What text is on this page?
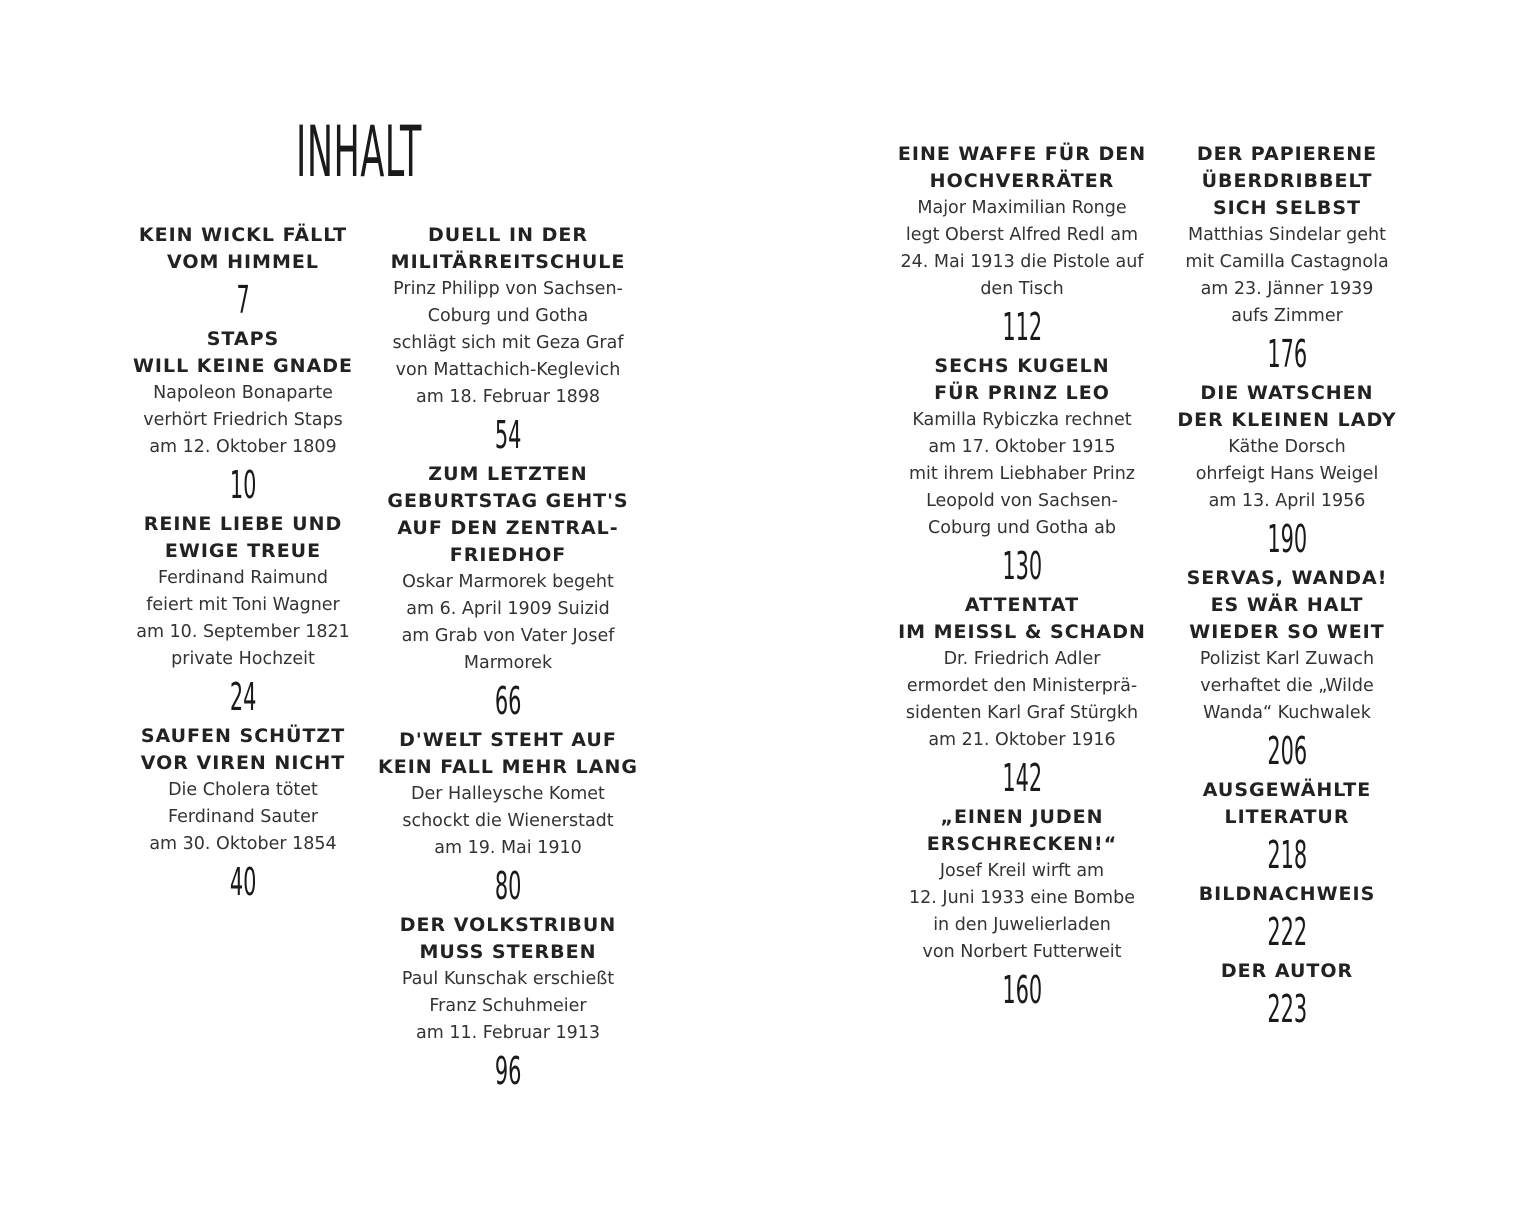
INHALT
KEIN WICKL FÄLLT
VOM HIMMEL
7
STAPS
WILL KEINE GNADE
Napoleon Bonaparte
verhört Friedrich Staps
am 12. Oktober 1809
10
REINE LIEBE UND
EWIGE TREUE
Ferdinand Raimund
feiert mit Toni Wagner
am 10. September 1821
private Hochzeit
24
SAUFEN SCHÜTZT
VOR VIREN NICHT
Die Cholera tötet
Ferdinand Sauter
am 30. Oktober 1854
40
DUELL IN DER
MILITÄRREITSCHULE
Prinz Philipp von Sachsen-
Coburg und Gotha
schlägt sich mit Geza Graf
von Mattachich-Keglevich
am 18. Februar 1898
54
ZUM LETZTEN
GEBURTSTAG GEHT'S
AUF DEN ZENTRAL-
FRIEDHOF
Oskar Marmorek begeht
am 6. April 1909 Suizid
am Grab von Vater Josef
Marmorek
66
D'WELT STEHT AUF
KEIN FALL MEHR LANG
Der Halleysche Komet
schockt die Wienerstadt
am 19. Mai 1910
80
DER VOLKSTRIBUN
MUSS STERBEN
Paul Kunschak erschießt
Franz Schuhmeier
am 11. Februar 1913
96
EINE WAFFE FÜR DEN
HOCHVERRÄTER
Major Maximilian Ronge
legt Oberst Alfred Redl am
24. Mai 1913 die Pistole auf
den Tisch
112
SECHS KUGELN
FÜR PRINZ LEO
Kamilla Rybiczka rechnet
am 17. Oktober 1915
mit ihrem Liebhaber Prinz
Leopold von Sachsen-
Coburg und Gotha ab
130
ATTENTAT
IM MEISSL & SCHADN
Dr. Friedrich Adler
ermordet den Ministerprä-
sidenten Karl Graf Stürgkh
am 21. Oktober 1916
142
„EINEN JUDEN
ERSCHRECKEN!“
Josef Kreil wirft am
12. Juni 1933 eine Bombe
in den Juwelierladen
von Norbert Futterweit
160
DER PAPIERENE
ÜBERDRIBBELT
SICH SELBST
Matthias Sindelar geht
mit Camilla Castagnola
am 23. Jänner 1939
aufs Zimmer
176
DIE WATSCHEN
DER KLEINEN LADY
Käthe Dorsch
ohrfeigt Hans Weigel
am 13. April 1956
190
SERVAS, WANDA!
ES WÄR HALT
WIEDER SO WEIT
Polizist Karl Zuwach
verhaftet die „Wilde
Wanda“ Kuchwalek
206
AUSGEWÄHLTE
LITERATUR
218
BILDNACHWEIS
222
DER AUTOR
223
